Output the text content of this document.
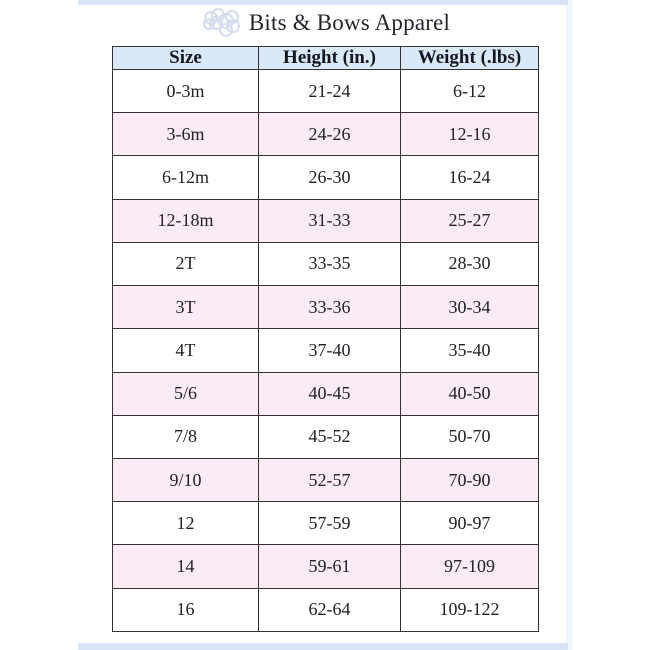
Bits & Bows Apparel
Size	Height (in.)	Weight (.lbs)
0-3m	21-24	6-12
3-6m	24-26	12-16
6-12m	26-30	16-24
12-18m	31-33	25-27
2T	33-35	28-30
3T	33-36	30-34
4T	37-40	35-40
5/6	40-45	40-50
7/8	45-52	50-70
9/10	52-57	70-90
12	57-59	90-97
14	59-61	97-109
16	62-64	109-122
